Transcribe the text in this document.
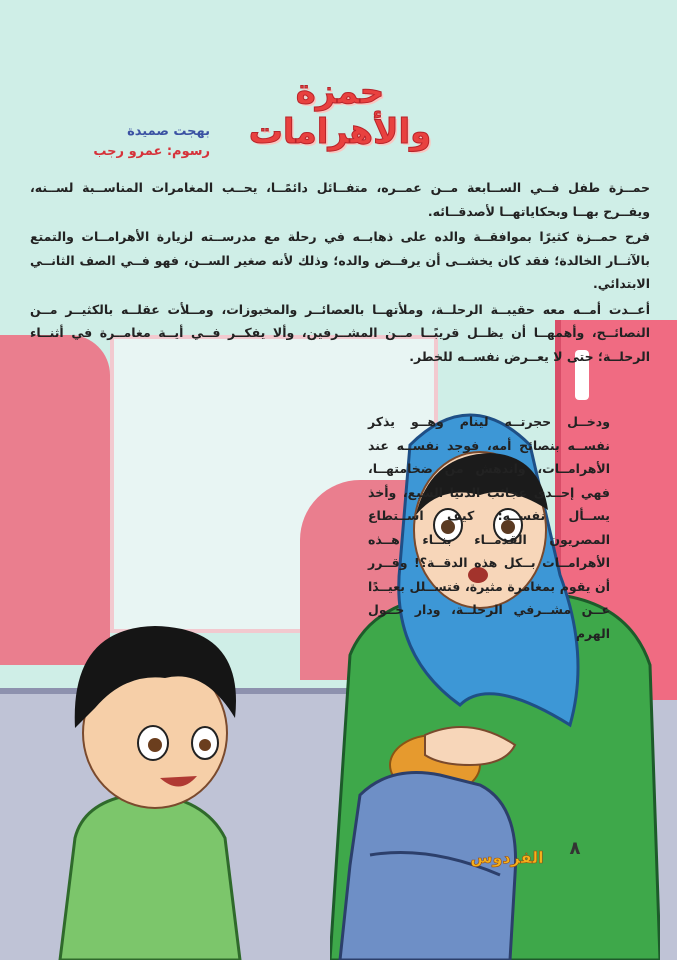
حمزة والأهرامات
بهجت صميدة
رسوم: عمرو رجب

حمــزة طفل فــي الســابعة مــن عمــره، متفــائل دائمًــا، يحــب المغامرات المناســبة لســنه، ويفــرح بهــا وبحكاياتهــا لأصدقــائه.

فرح حمــزة كثيرًا بموافقــة والده على ذهابــه في رحلة مع مدرســته لزيارة الأهرامــات والتمتع بالآثــار الخالدة؛ فقد كان يخشــى أن يرفــض والده؛ وذلك لأنه صغير الســن، فهو فــي الصف الثانــي الابتدائي.

أعــدت أمــه معه حقيبــة الرحلــة، وملأتهــا بالعصائــر والمخبوزات، ومــلأت عقلــه بالكثيــر مــن النصائــح، وأهمهــا أن يظــل قريبًــا مــن المشــرفين، وألا يفكــر فــي أيــة مغامــرة في أثنــاء الرحلــة؛ حتى لا يعــرض نفســه للخطر.

ودخــل حجرتــه لينام وهــو يذكر نفســه بنصائح أمه، فوجد نفســه عند الأهرامــات، واندهش من ضخامتهــا، فهي إحــدى عجائب الدنيا السبع، وأخذ يســأل نفســه: كيف اســتطاع المصريون القدمــاء بنــاء هــذه الأهرامــات بــكل هذه الدقــة؟! وقــرر أن يقوم بمغامرة مثيرة، فتســلل بعيــدًا عــن مشــرفي الرحلــة، ودار حــول الهرم

الفردوس	٨
